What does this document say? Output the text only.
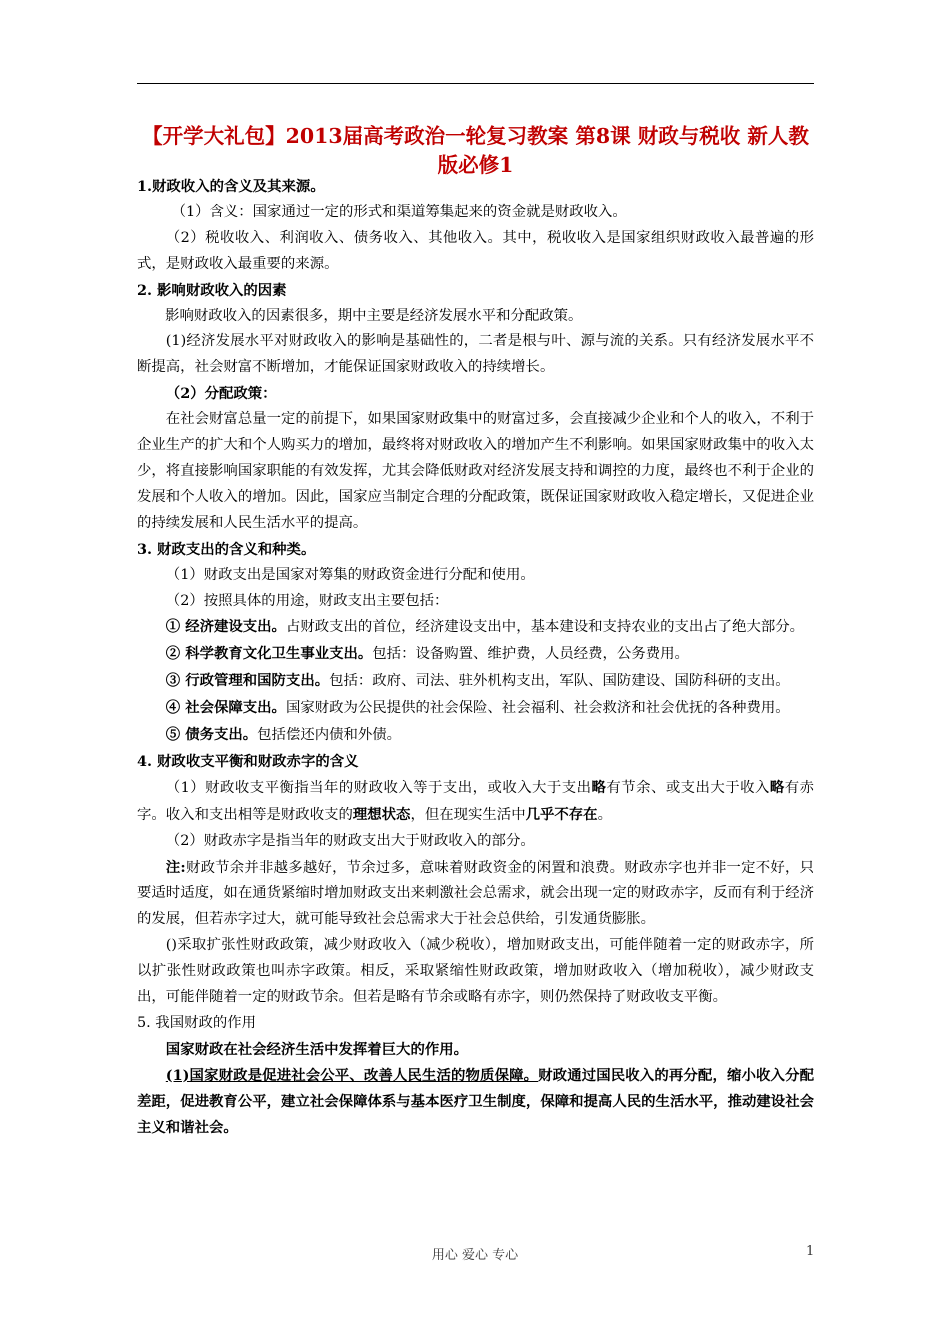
【开学大礼包】2013届高考政治一轮复习教案 第8课 财政与税收 新人教版必修1

1.财政收入的含义及其来源。

（1）含义：国家通过一定的形式和渠道筹集起来的资金就是财政收入。

（2）税收收入、利润收入、债务收入、其他收入。其中，税收收入是国家组织财政收入最普遍的形式，是财政收入最重要的来源。

2. 影响财政收入的因素

影响财政收入的因素很多，期中主要是经济发展水平和分配政策。

(1)经济发展水平对财政收入的影响是基础性的，二者是根与叶、源与流的关系。只有经济发展水平不断提高，社会财富不断增加，才能保证国家财政收入的持续增长。

（2）分配政策：

在社会财富总量一定的前提下，如果国家财政集中的财富过多，会直接减少企业和个人的收入，不利于企业生产的扩大和个人购买力的增加，最终将对财政收入的增加产生不利影响。如果国家财政集中的收入太少，将直接影响国家职能的有效发挥，尤其会降低财政对经济发展支持和调控的力度，最终也不利于企业的发展和个人收入的增加。因此，国家应当制定合理的分配政策，既保证国家财政收入稳定增长，又促进企业的持续发展和人民生活水平的提高。

3. 财政支出的含义和种类。

（1）财政支出是国家对筹集的财政资金进行分配和使用。

（2）按照具体的用途，财政支出主要包括：

① 经济建设支出。占财政支出的首位，经济建设支出中，基本建设和支持农业的支出占了绝大部分。

② 科学教育文化卫生事业支出。包括：设备购置、维护费，人员经费，公务费用。

③ 行政管理和国防支出。包括：政府、司法、驻外机构支出，军队、国防建设、国防科研的支出。

④ 社会保障支出。国家财政为公民提供的社会保险、社会福利、社会救济和社会优抚的各种费用。

⑤ 债务支出。包括偿还内债和外债。

4. 财政收支平衡和财政赤字的含义

（1）财政收支平衡指当年的财政收入等于支出，或收入大于支出略有节余、或支出大于收入略有赤字。收入和支出相等是财政收支的理想状态，但在现实生活中几乎不存在。

（2）财政赤字是指当年的财政支出大于财政收入的部分。

注:财政节余并非越多越好，节余过多，意味着财政资金的闲置和浪费。财政赤字也并非一定不好，只要适时适度，如在通货紧缩时增加财政支出来刺激社会总需求，就会出现一定的财政赤字，反而有利于经济的发展，但若赤字过大，就可能导致社会总需求大于社会总供给，引发通货膨胀。

()采取扩张性财政政策，减少财政收入（减少税收），增加财政支出，可能伴随着一定的财政赤字，所以扩张性财政政策也叫赤字政策。相反，采取紧缩性财政政策，增加财政收入（增加税收），减少财政支出，可能伴随着一定的财政节余。但若是略有节余或略有赤字，则仍然保持了财政收支平衡。

5. 我国财政的作用

国家财政在社会经济生活中发挥着巨大的作用。

(1)国家财政是促进社会公平、改善人民生活的物质保障。财政通过国民收入的再分配，缩小收入分配差距，促进教育公平，建立社会保障体系与基本医疗卫生制度，保障和提高人民的生活水平，推动建设社会主义和谐社会。

用心 爱心 专心	1
